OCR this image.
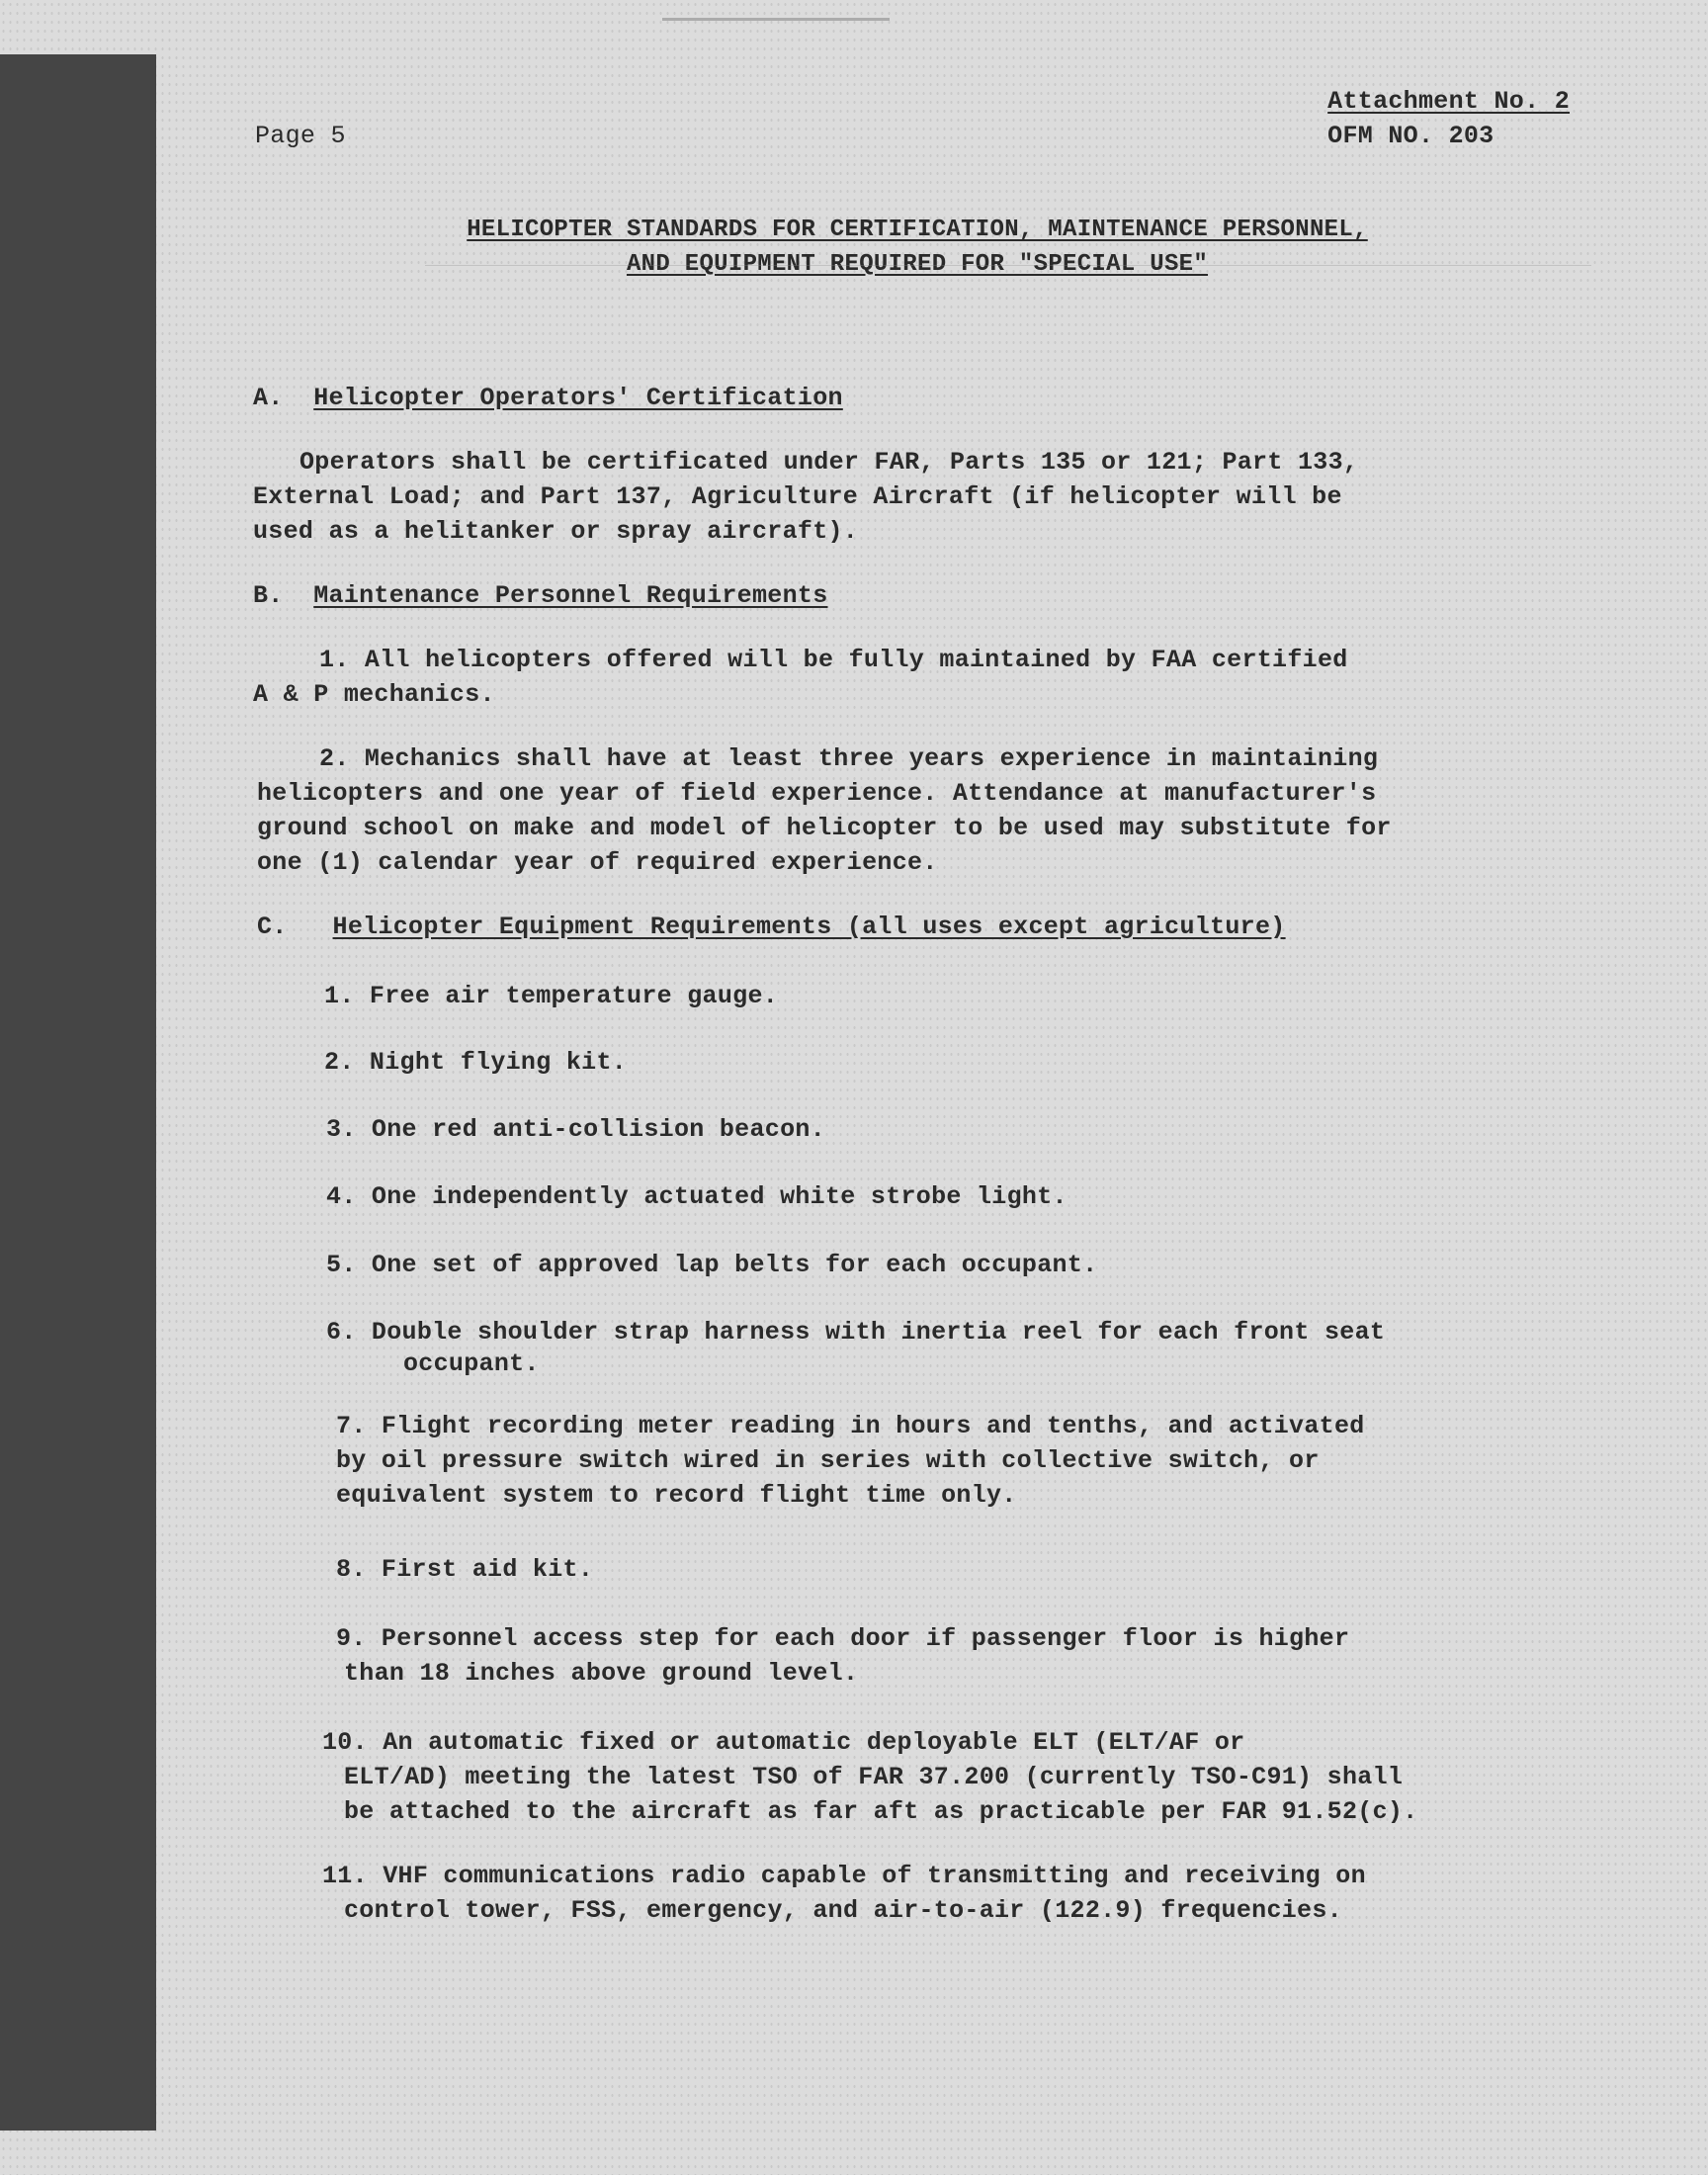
Page 5
Attachment No. 2
OFM NO. 203
HELICOPTER STANDARDS FOR CERTIFICATION, MAINTENANCE PERSONNEL,
AND EQUIPMENT REQUIRED FOR "SPECIAL USE"
A. Helicopter Operators' Certification
Operators shall be certificated under FAR, Parts 135 or 121; Part 133,
External Load; and Part 137, Agriculture Aircraft (if helicopter will be
used as a helitanker or spray aircraft).
B. Maintenance Personnel Requirements
1. All helicopters offered will be fully maintained by FAA certified
A & P mechanics.
2. Mechanics shall have at least three years experience in maintaining
helicopters and one year of field experience. Attendance at manufacturer's
ground school on make and model of helicopter to be used may substitute for
one (1) calendar year of required experience.
C. Helicopter Equipment Requirements (all uses except agriculture)
1. Free air temperature gauge.
2. Night flying kit.
3. One red anti-collision beacon.
4. One independently actuated white strobe light.
5. One set of approved lap belts for each occupant.
6. Double shoulder strap harness with inertia reel for each front seat
occupant.
7. Flight recording meter reading in hours and tenths, and activated
by oil pressure switch wired in series with collective switch, or
equivalent system to record flight time only.
8. First aid kit.
9. Personnel access step for each door if passenger floor is higher
than 18 inches above ground level.
10. An automatic fixed or automatic deployable ELT (ELT/AF or
ELT/AD) meeting the latest TSO of FAR 37.200 (currently TSO-C91) shall
be attached to the aircraft as far aft as practicable per FAR 91.52(c).
11. VHF communications radio capable of transmitting and receiving on
control tower, FSS, emergency, and air-to-air (122.9) frequencies.
